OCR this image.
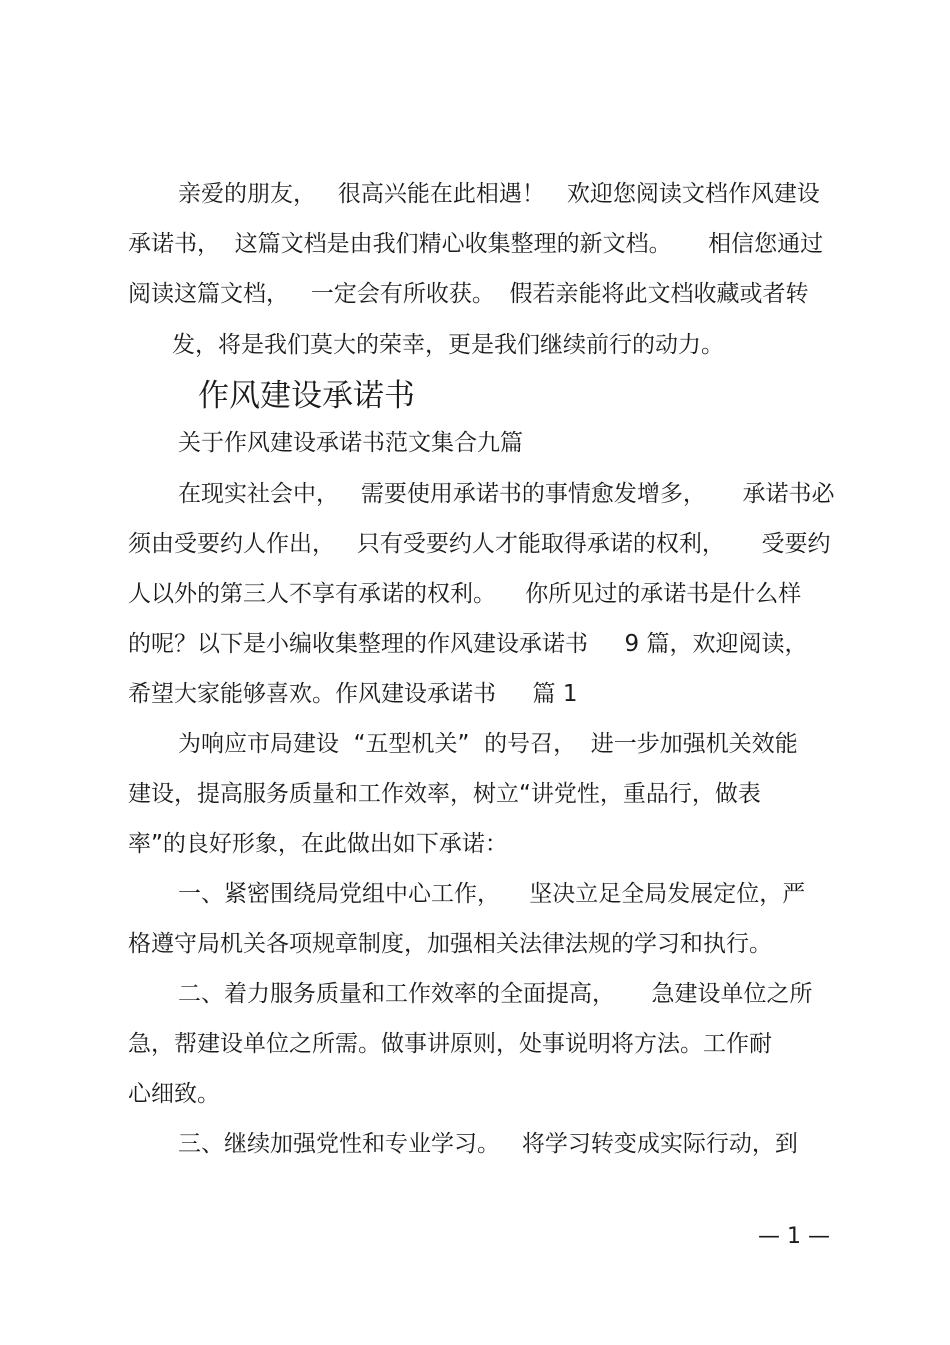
亲爱的朋友，   很高兴能在此相遇！   欢迎您阅读文档作风建设
承诺书，  这篇文档是由我们精心收集整理的新文档。     相信您通过
阅读这篇文档，   一定会有所收获。  假若亲能将此文档收藏或者转
发，将是我们莫大的荣幸，更是我们继续前行的动力。
作风建设承诺书
关于作风建设承诺书范文集合九篇
在现实社会中，   需要使用承诺书的事情愈发增多，     承诺书必
须由受要约人作出，   只有受要约人才能取得承诺的权利，     受要约
人以外的第三人不享有承诺的权利。    你所见过的承诺书是什么样
的呢？以下是小编收集整理的作风建设承诺书     9 篇，欢迎阅读，
希望大家能够喜欢。作风建设承诺书     篇 1
为响应市局建设  “五型机关”  的号召，  进一步加强机关效能
建设，提高服务质量和工作效率，树立“讲党性，重品行，做表
率”的良好形象，在此做出如下承诺：
一、紧密围绕局党组中心工作，    坚决立足全局发展定位，严
格遵守局机关各项规章制度，加强相关法律法规的学习和执行。
二、着力服务质量和工作效率的全面提高，     急建设单位之所
急，帮建设单位之所需。做事讲原则，处事说明将方法。工作耐
心细致。
三、继续加强党性和专业学习。   将学习转变成实际行动，到
— 1 —
